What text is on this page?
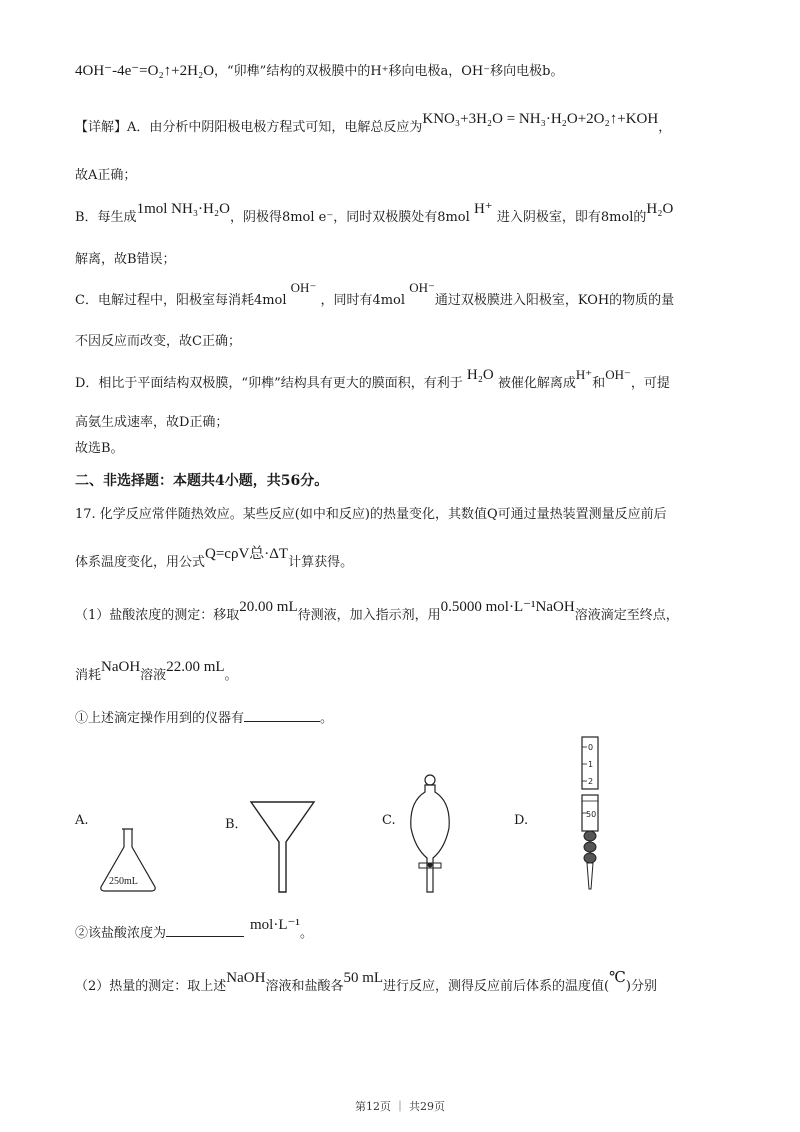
4OH⁻-4e⁻=O₂↑+2H₂O，“卯榫”结构的双极膜中的H⁺移向电极a，OH⁻移向电极b。
【详解】A．由分析中阴阳极电极方程式可知，电解总反应为KNO₃+3H₂O = NH₃·H₂O+2O₂↑+KOH，
故A正确；
B．每生成1mol NH₃·H₂O，阴极得8mol e⁻，同时双极膜处有8mol H⁺ 进入阴极室，即有8mol的H₂O
解离，故B错误；
C．电解过程中，阳极室每消耗4mol OH⁻ ，同时有4mol OH⁻通过双极膜进入阳极室，KOH的物质的量
不因反应而改变，故C正确；
D．相比于平面结构双极膜，“卯榫”结构具有更大的膜面积，有利于 H₂O 被催化解离成H⁺和OH⁻，可提
高氨生成速率，故D正确；
故选B。
二、非选择题：本题共4小题，共56分。
17. 化学反应常伴随热效应。某些反应(如中和反应)的热量变化，其数值Q可通过量热装置测量反应前后
体系温度变化，用公式Q=cρV总·ΔT计算获得。
（1）盐酸浓度的测定：移取20.00 mL待测液，加入指示剂，用0.5000 mol·L⁻¹NaOH溶液滴定至终点，
消耗NaOH溶液22.00 mL。
①上述滴定操作用到的仪器有	。
A.	B．	C.	D.
250mL
0
1
2
50
②该盐酸浓度为mol·L⁻¹。
（2）热量的测定：取上述NaOH溶液和盐酸各50 mL进行反应，测得反应前后体系的温度值(℃)分别
第12页 ｜ 共29页
